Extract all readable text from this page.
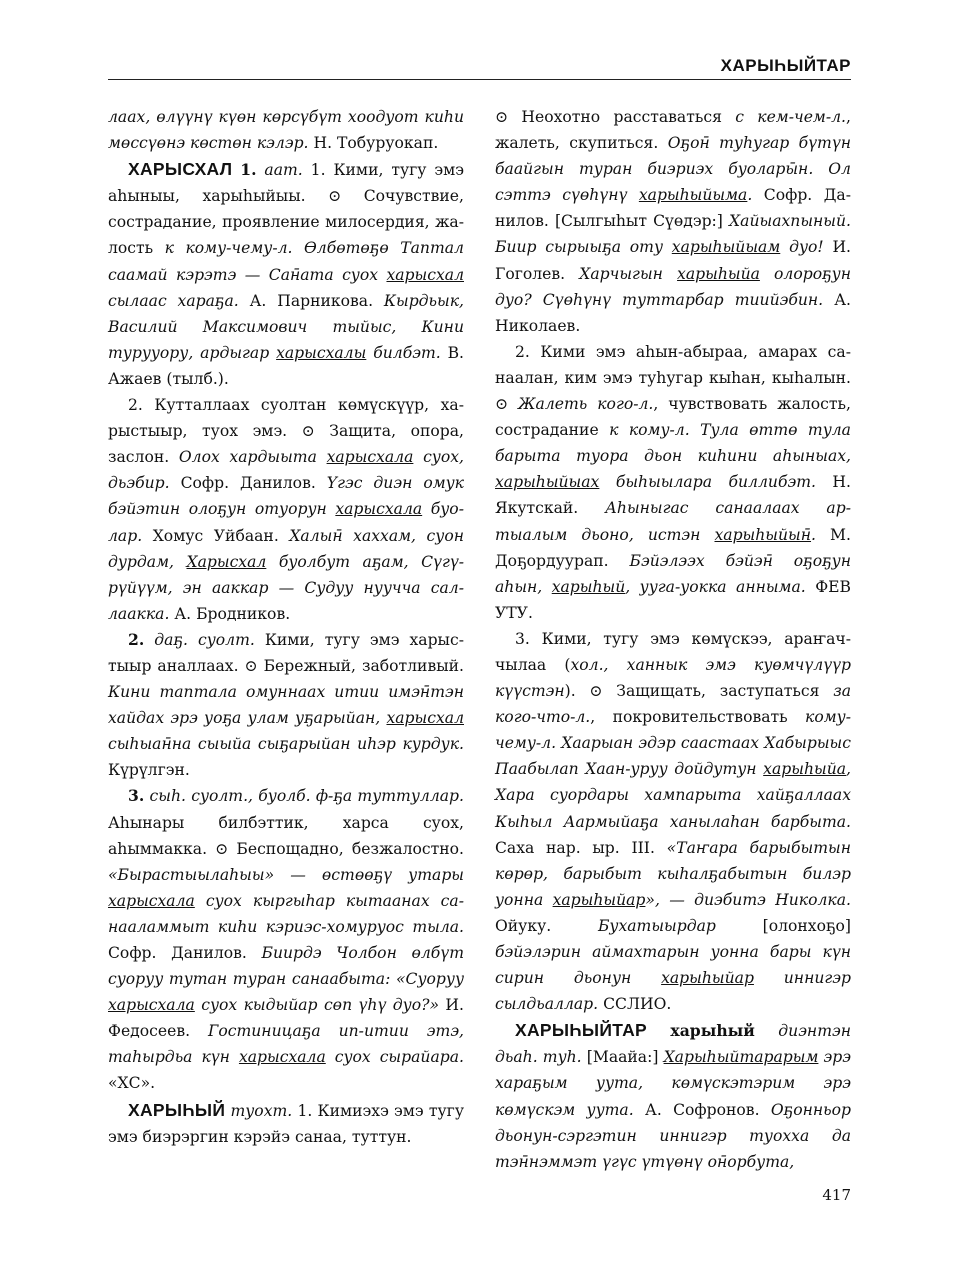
ХАРЫҺЫЙТАР

лаах, өлүүнү күөн көрсүбүт хоодуот киһи мөссүөнэ көстөн кэлэр. Н. Тобуруокап.

ХАРЫСХАЛ 1. аат. 1. Кими, тугу эмэ аһыныы, харыһыйыы. ⊙ Сочувствие, сострадание, проявление милосердия, жалость к кому-чему-л. Өлбөтөҕө Таптал саамай кэрэтэ — Сан̄ата суох харысхал сылаас хараҕа. А. Парникова. Кырдьык, Василий Максимович тыйыс, Кини турууору, ардыгар харысхалы билбэт. В. Ажаев (тылб.).

2. Кутталлаах суолтан көмүскүүр, харыстыыр, туох эмэ. ⊙ Защита, опора, заслон. Олох хардыыта харысхала суох, дьэбир. Софр. Данилов. Үгэс диэн омук бэйэтин олоҕун отуорун харысхала буолар. Хомус Уйбаан. Халын̄ хаххам, суон дурдам, Харысхал буолбут аҕам, Сүгүрүйүүм, эн ааккар — Судуу нуучча саллаакка. А. Бродников.

2. даҕ. суолт. Кими, тугу эмэ харыстыыр аналлаах. ⊙ Бережный, заботливый. Кини таптала омуннаах итии имэн̄тэн хайдах эрэ уоҕа улам уҕарыйан, харысхал сыһыан̄на сыыйа сыҕарыйан иһэр курдук. Күрүлгэн.

3. сыһ. суолт., буолб. ф-ҕа туттуллар. Аһынары билбэттик, харса суох, аһыммакка. ⊙ Беспощадно, безжалостно. «Быраcтыылаһыы» — өстөөҕү утары харысхала суох кыргыһар кытаанах санааламмыт киһи кэриэс-хомуруос тыла. Софр. Данилов. Биирдэ Чолбон өлбүт суоруу тутан туран санаабыта: «Суоруу харысхала суох кыдыйар сөп үһү дуо?» И. Федосеев. Гостиницаҕа ип-итии этэ, таһырдьа күн харысхала суох сырайара. «ХС».

ХАРЫҺЫЙ туохт. 1. Кимиэхэ эмэ тугу эмэ биэрэргин кэрэйэ санаа, туттун.

⊙ Неохотно расставаться с кем-чем-л., жалеть, скупиться. Оҕон̄ туһугар бүтүн баайгын туран биэриэх буолары̄н. Ол сэттэ сүөһүнү харыһыйыма. Софр. Данилов. [Сылгыһыт Сүөдэр:] Хайыахпыный. Биир сырыыҕа оту харыһыйыам дуо! И. Гоголев. Харчыгын харыһыйа олороҕун дуо? Сүөһүнү туттарбар тиийэбин. А. Николаев.

2. Кими эмэ аһын-абыраа, амарах санаалан, ким эмэ туһугар кыһан, кыһалын. ⊙ Жалеть кого-л., чувствовать жалость, сострадание к кому-л. Тула өттө тула барыта туора дьон киһини аһыныах, харыһыйыах быһыылара биллибэт. Н. Якутскай. Аһыныгас санаалаах артыалым дьоно, истэн харыһыйын̄. М. Доҕордуурап. Бэйэлээх бэйэн̄ оҕоҕун аһын, харыһый, ууга-уокка анныма. ФЕВ УТУ.

3. Кими, тугу эмэ көмүскээ, араҥаччылаа (хол., ханнык эмэ куөмчүлүүр күүстэн). ⊙ Защищать, заступаться за кого-что-л., покровительствовать кому-чему-л. Хаарыан эдэр саастаах Хабырыыс Паабылап Хаан-уруу дойдутун харыһыйа, Хара суордары хампарыта хайҕаллаах Кыһыл Аармыйаҕа ханылаһан барбыта. Саха нар. ыр. III. «Таҥара барыбытын көрөр, барыбыт кыһалҕабытын билэр уонна харыһыйар», — диэбитэ Николка. Ойуку. Бухатыырдар [олонхоҕо] бэйэлэрин аймахтарын уонна бары күн сирин дьонун харыһыйар иннигэр сылдьаллар. ССЛИО.

ХАРЫҺЫЙТАР харыһый диэнтэн дьаһ. туһ. [Маайа:] Харыһыйтарарым эрэ хараҕым уута, көмүскэтэрим эрэ көмүскэм уута. А. Софронов. Оҕонньор дьонун-сэргэтин иннигэр туоххa да тэн̄нэммэт үгүс үтүөнү он̄орбута,

417
